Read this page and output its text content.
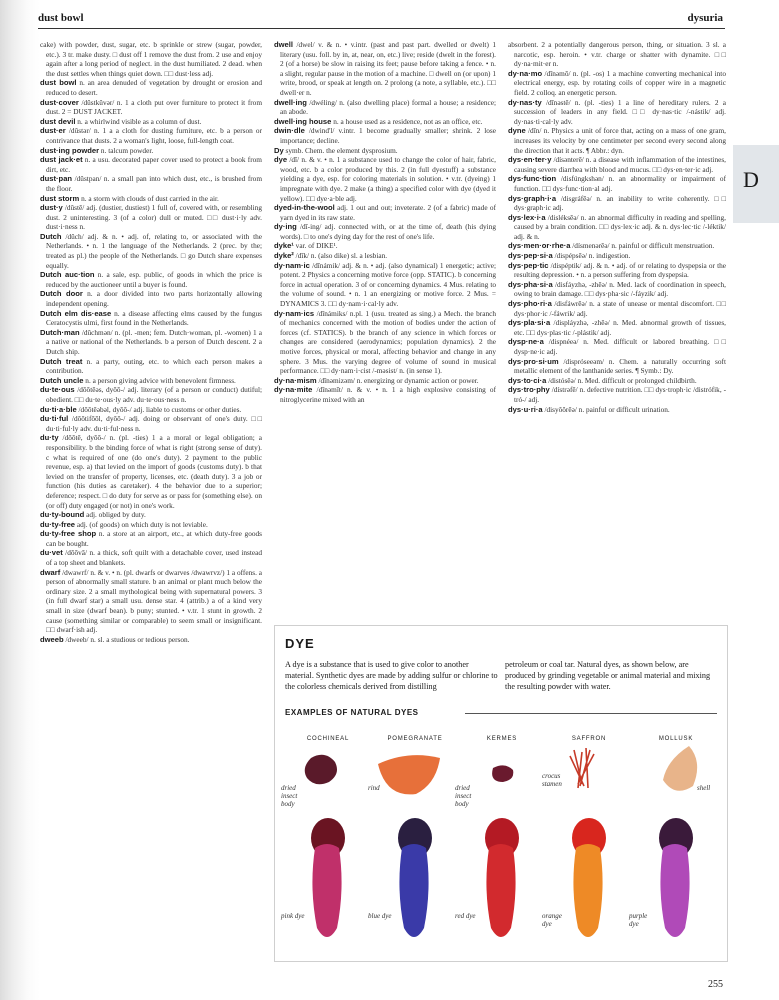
dust bowl	dysuria

cake) with powder, dust, sugar, etc. b sprinkle or strew (sugar, powder, etc.). 3 tr. make dusty. □ dust off 1 remove the dust from. 2 use and enjoy again after a long period of neglect. in the dust humiliated. 2 dead. when the dust settles when things quiet down. □□ dust·less adj.

dust bowl n. an area denuded of vegetation by drought or erosion and reduced to desert.

dust·cover /dŭstkŭvər/ n. 1 a cloth put over furniture to protect it from dust. 2 = DUST JACKET.

dust devil n. a whirlwind visible as a column of dust.

dust·er /dŭstər/ n. 1 a a cloth for dusting furniture, etc. b a person or contrivance that dusts. 2 a woman's light, loose, full-length coat.

dust·ing powder n. talcum powder.

dust jack·et n. a usu. decorated paper cover used to protect a book from dirt, etc.

dust·pan /dŭstpan/ n. a small pan into which dust, etc., is brushed from the floor.

dust storm n. a storm with clouds of dust carried in the air.

dust·y /dŭstē/ adj. (dustier, dustiest) 1 full of, covered with, or resembling dust. 2 uninteresting. 3 (of a color) dull or muted. □□ dust·i·ly adv. dust·i·ness n.

Dutch /dŭch/ adj. & n. • adj. of, relating to, or associated with the Netherlands. • n. 1 the language of the Netherlands. 2 (prec. by the; treated as pl.) the people of the Netherlands. □ go Dutch share expenses equally.

Dutch auc·tion n. a sale, esp. public, of goods in which the price is reduced by the auctioneer until a buyer is found.

Dutch door n. a door divided into two parts horizontally allowing independent opening.

Dutch elm dis·ease n. a disease affecting elms caused by the fungus Ceratocystis ulmi, first found in the Netherlands.

Dutch·man /dŭchmən/ n. (pl. -men; fem. Dutch·woman, pl. -women) 1 a a native or national of the Netherlands. b a person of Dutch descent. 2 a Dutch ship.

Dutch treat n. a party, outing, etc. to which each person makes a contribution.

Dutch uncle n. a person giving advice with benevolent firmness.

du·te·ous /dōōtēəs, dyōō-/ adj. literary (of a person or conduct) dutiful; obedient. □□ du·te·ous·ly adv. du·te·ous·ness n.

du·ti·a·ble /dōōtēəbəl, dyōō-/ adj. liable to customs or other duties.

du·ti·ful /dōōtifōōl, dyōō-/ adj. doing or observant of one's duty. □□ du·ti·ful·ly adv. du·ti·ful·ness n.

du·ty /dōōtē, dyōō-/ n. (pl. -ties) 1 a a moral or legal obligation; a responsibility. b the binding force of what is right (strong sense of duty). c what is required of one (do one's duty). 2 payment to the public revenue, esp. a) that levied on the import of goods (customs duty). b that levied on the transfer of property, licenses, etc. (death duty). 3 a job or function (his duties as caretaker). 4 the behavior due to a superior; deference; respect. □ do duty for serve as or pass for (something else). on (or off) duty engaged (or not) in one's work.

du·ty-bound adj. obliged by duty.

du·ty-free adj. (of goods) on which duty is not leviable.

du·ty-free shop n. a store at an airport, etc., at which duty-free goods can be bought.

du·vet /dōōvā/ n. a thick, soft quilt with a detachable cover, used instead of a top sheet and blankets.

dwarf /dwawrf/ n. & v. • n. (pl. dwarfs or dwarves /dwawrvz/) 1 a offens. a person of abnormally small stature. b an animal or plant much below the ordinary size. 2 a small mythological being with supernatural powers. 3 (in full dwarf star) a small usu. dense star. 4 (attrib.) a of a kind very small in size (dwarf bean). b puny; stunted. • v.tr. 1 stunt in growth. 2 cause (something similar or comparable) to seem small or insignificant. □□ dwarf·ish adj.

dweeb /dweeb/ n. sl. a studious or tedious person.

dwell /dwel/ v. & n. • v.intr. (past and past part. dwelled or dwelt) 1 literary (usu. foll. by in, at, near, on, etc.) live; reside (dwelt in the forest). 2 (of a horse) be slow in raising its feet; pause before taking a fence. • n. a slight, regular pause in the motion of a machine. □ dwell on (or upon) 1 write, brood, or speak at length on. 2 prolong (a note, a syllable, etc.). □□ dwell·er n.

dwell·ing /dwéling/ n. (also dwelling place) formal a house; a residence; an abode.

dwell·ing house n. a house used as a residence, not as an office, etc.

dwin·dle /dwind'l/ v.intr. 1 become gradually smaller; shrink. 2 lose importance; decline.

Dy symb. Chem. the element dysprosium.

dye /dī/ n. & v. • n. 1 a substance used to change the color of hair, fabric, wood, etc. b a color produced by this. 2 (in full dyestuff) a substance yielding a dye, esp. for coloring materials in solution. • v.tr. (dyeing) 1 impregnate with dye. 2 make (a thing) a specified color with dye (dyed it yellow). □□ dye·a·ble adj.

dyed-in-the-wool adj. 1 out and out; inveterate. 2 (of a fabric) made of yarn dyed in its raw state.

dy·ing /dī-ing/ adj. connected with, or at the time of, death (his dying words). □ to one's dying day for the rest of one's life.

dyke¹ var. of DIKE¹.

dyke² /dīk/ n. (also dike) sl. a lesbian.

dy·nam·ic /dīnámik/ adj. & n. • adj. (also dynamical) 1 energetic; active; potent. 2 Physics a concerning motive force (opp. STATIC). b concerning force in actual operation. 3 of or concerning dynamics. 4 Mus. relating to the volume of sound. • n. 1 an energizing or motive force. 2 Mus. = DYNAMICS 3. □□ dy·nam·i·cal·ly adv.

dy·nam·ics /dīnámiks/ n.pl. 1 (usu. treated as sing.) a Mech. the branch of mechanics concerned with the motion of bodies under the action of forces (cf. STATICS). b the branch of any science in which forces or changes are considered (aerodynamics; population dynamics). 2 the motive forces, physical or moral, affecting behavior and change in any sphere. 3 Mus. the varying degree of volume of sound in musical performance. □□ dy·nam·i·cist /-məsist/ n. (in sense 1).

dy·na·mism /dīnəmizəm/ n. energizing or dynamic action or power.

dy·na·mite /dīnəmīt/ n. & v. • n. 1 a high explosive consisting of nitroglycerine mixed with an

absorbent. 2 a potentially dangerous person, thing, or situation. 3 sl. a narcotic, esp. heroin. • v.tr. charge or shatter with dynamite. □□ dy·na·mit·er n.

dy·na·mo /dīnəmō/ n. (pl. -os) 1 a machine converting mechanical into electrical energy, esp. by rotating coils of copper wire in a magnetic field. 2 colloq. an energetic person.

dy·nas·ty /dīnəstē/ n. (pl. -ties) 1 a line of hereditary rulers. 2 a succession of leaders in any field. □□ dy·nas·tic /-nástik/ adj. dy·nas·ti·cal·ly adv.

dyne /dīn/ n. Physics a unit of force that, acting on a mass of one gram, increases its velocity by one centimeter per second every second along the direction that it acts. ¶ Abbr.: dyn.

dys·en·ter·y /dísənterē/ n. a disease with inflammation of the intestines, causing severe diarrhea with blood and mucus. □□ dys·en·ter·ic adj.

dys·func·tion /disfúngkshən/ n. an abnormality or impairment of function. □□ dys·func·tion·al adj.

dys·graph·i·a /disgráfēə/ n. an inability to write coherently. □□ dys·graph·ic adj.

dys·lex·i·a /disléksēə/ n. an abnormal difficulty in reading and spelling, caused by a brain condition. □□ dys·lex·ic adj. & n. dys·lec·tic /-léktik/ adj. & n.

dys·men·or·rhe·a /dísmenərēə/ n. painful or difficult menstruation.

dys·pep·si·a /dispépsēə/ n. indigestion.

dys·pep·tic /dispéptik/ adj. & n. • adj. of or relating to dyspepsia or the resulting depression. • n. a person suffering from dyspepsia.

dys·pha·si·a /disfáyzhə, -zhēə/ n. Med. lack of coordination in speech, owing to brain damage. □□ dys·pha·sic /-fáyzik/ adj.

dys·pho·ri·a /disfáwrēə/ n. a state of unease or mental discomfort. □□ dys·phor·ic /-fáwrik/ adj.

dys·pla·si·a /displáyzhə, -zhēə/ n. Med. abnormal growth of tissues, etc. □□ dys·plas·tic /-plástik/ adj.

dysp·ne·a /dispnéeə/ n. Med. difficult or labored breathing. □□ dysp·ne·ic adj.

dys·pro·si·um /dispróseeəm/ n. Chem. a naturally occurring soft metallic element of the lanthanide series. ¶ Symb.: Dy.

dys·to·ci·a /distósēə/ n. Med. difficult or prolonged childbirth.

dys·tro·phy /dístrəfē/ n. defective nutrition. □□ dys·troph·ic /distrófik, -tró-/ adj.

dys·u·ri·a /disyŏŏrēə/ n. painful or difficult urination.

D
DYE
A dye is a substance that is used to give color to another material. Synthetic dyes are made by adding sulfur or chlorine to the colorless chemicals derived from distilling
petroleum or coal tar. Natural dyes, as shown below, are produced by grinding vegetable or animal material and mixing the resulting powder with water.
EXAMPLES OF NATURAL DYES
COCHINEAL
dried insect body
pink dye
POMEGRANATE
rind
blue dye
KERMES
dried insect body
red dye
SAFFRON
crocus stamen
orange dye
MOLLUSK
shell
purple dye
255
